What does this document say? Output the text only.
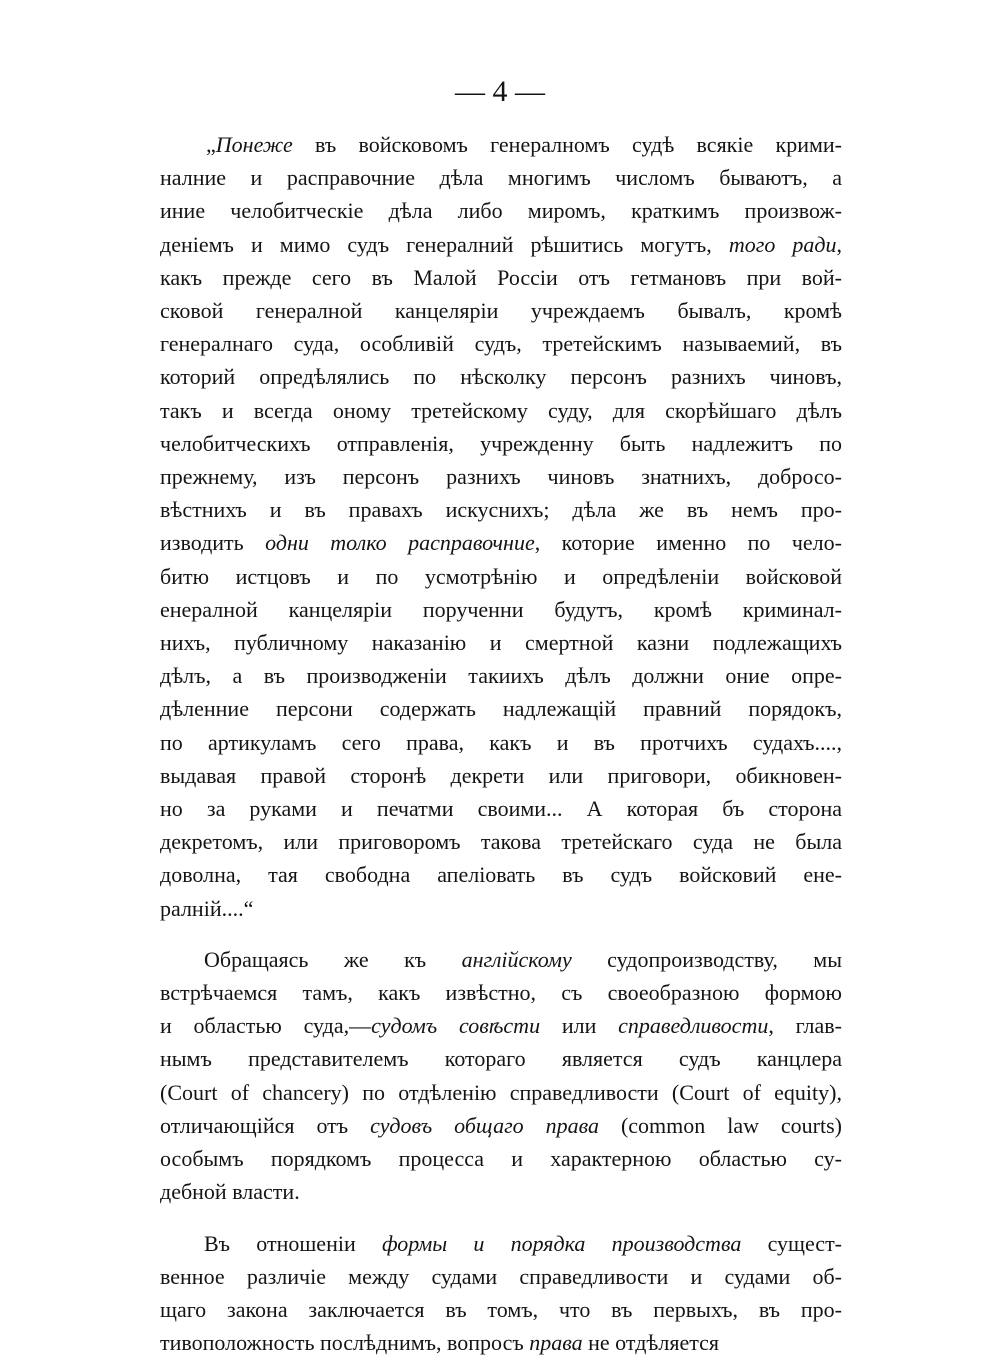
— 4 —
„Понеже въ войсковомъ генералномъ судѣ всякie крими-
налние и расправочние дѣла многимъ числомъ бываютъ, а
иние челобитческiе дѣла либо миромъ, краткимъ произвож-
денiемъ и мимо судъ генералний рѣшитись могутъ, того ради,
какъ прежде сего въ Малой Россiи отъ гетмановъ при вой-
сковой генералной канцеляріи учреждаемъ бывалъ, кромѣ
генералнаго суда, особливій судъ, третейскимъ называемий, въ
которий опредѣлялись по нѣсколку персонъ разнихъ чиновъ,
такъ и всегда оному третейскому суду, для скорѣйшаго дѣлъ
челобитческихъ отправленія, учрежденну быть надлежитъ по
прежнему, изъ персонъ разнихъ чиновъ знатнихъ, добросо-
вѣстнихъ и въ правахъ искуснихъ; дѣла же въ немъ про-
изводить одни толко расправочние, которие именно по чело-
битю истцовъ и по усмотрѣнiю и опредѣленiи войсковой
енералной канцеляріи порученни будутъ, кромѣ криминал-
нихъ, публичному наказанiю и смертной казни подлежащихъ
дѣлъ, а въ производженiи такиихъ дѣлъ должни оние опре-
дѣленние персони содержать надлежащій правний порядокъ,
по артикуламъ сего права, какъ и въ протчихъ судахъ....,
выдавая правой сторонѣ декрети или приговори, обикновен-
но за руками и печатми своими... А которая бъ сторона
декретомъ, или приговоромъ такова третейскаго суда не была
доволна, тая свободна апелiовать въ судъ войсковий ене-
ралній....“
Обращаясь же къ англійскому судопроизводству, мы
встрѣчаемся тамъ, какъ извѣстно, съ своеобразною формою
и областью суда,—судомъ совѣсти или справедливости, глав-
нымъ представителемъ котораго является судъ канцлера
(Court of chancery) по отдѣленію справедливости (Court of equity),
отличающійся отъ судовъ общаго права (common law courts)
особымъ порядкомъ процесса и характерною областью су-
дебной власти.
Въ отношеніи формы и порядка производства сущест-
венное различiе между судами справедливости и судами об-
щаго закона заключается въ томъ, что въ первыхъ, въ про-
тивоположность послѣднимъ, вопросъ права не отдѣляется
